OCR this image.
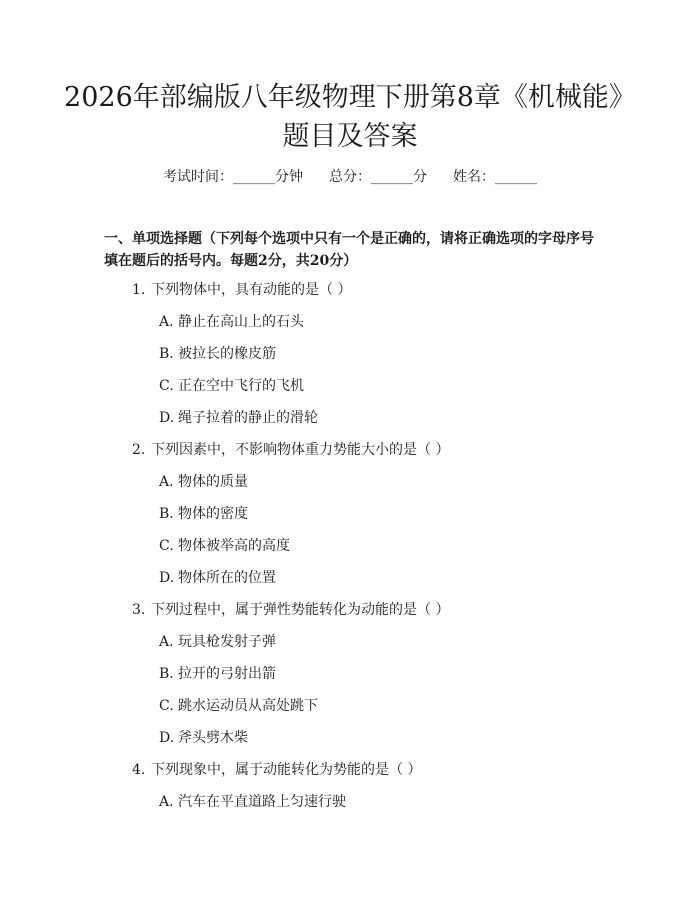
2026年部编版八年级物理下册第8章《机械能》题目及答案
考试时间：______分钟 总分：______分 姓名：______

一、单项选择题（下列每个选项中只有一个是正确的，请将正确选项的字母序号填在题后的括号内。每题2分，共20分）

1. 下列物体中，具有动能的是（ ）
A. 静止在高山上的石头
B. 被拉长的橡皮筋
C. 正在空中飞行的飞机
D. 绳子拉着的静止的滑轮
2. 下列因素中，不影响物体重力势能大小的是（ ）
A. 物体的质量
B. 物体的密度
C. 物体被举高的高度
D. 物体所在的位置
3. 下列过程中，属于弹性势能转化为动能的是（ ）
A. 玩具枪发射子弹
B. 拉开的弓射出箭
C. 跳水运动员从高处跳下
D. 斧头劈木柴
4. 下列现象中，属于动能转化为势能的是（ ）
A. 汽车在平直道路上匀速行驶
